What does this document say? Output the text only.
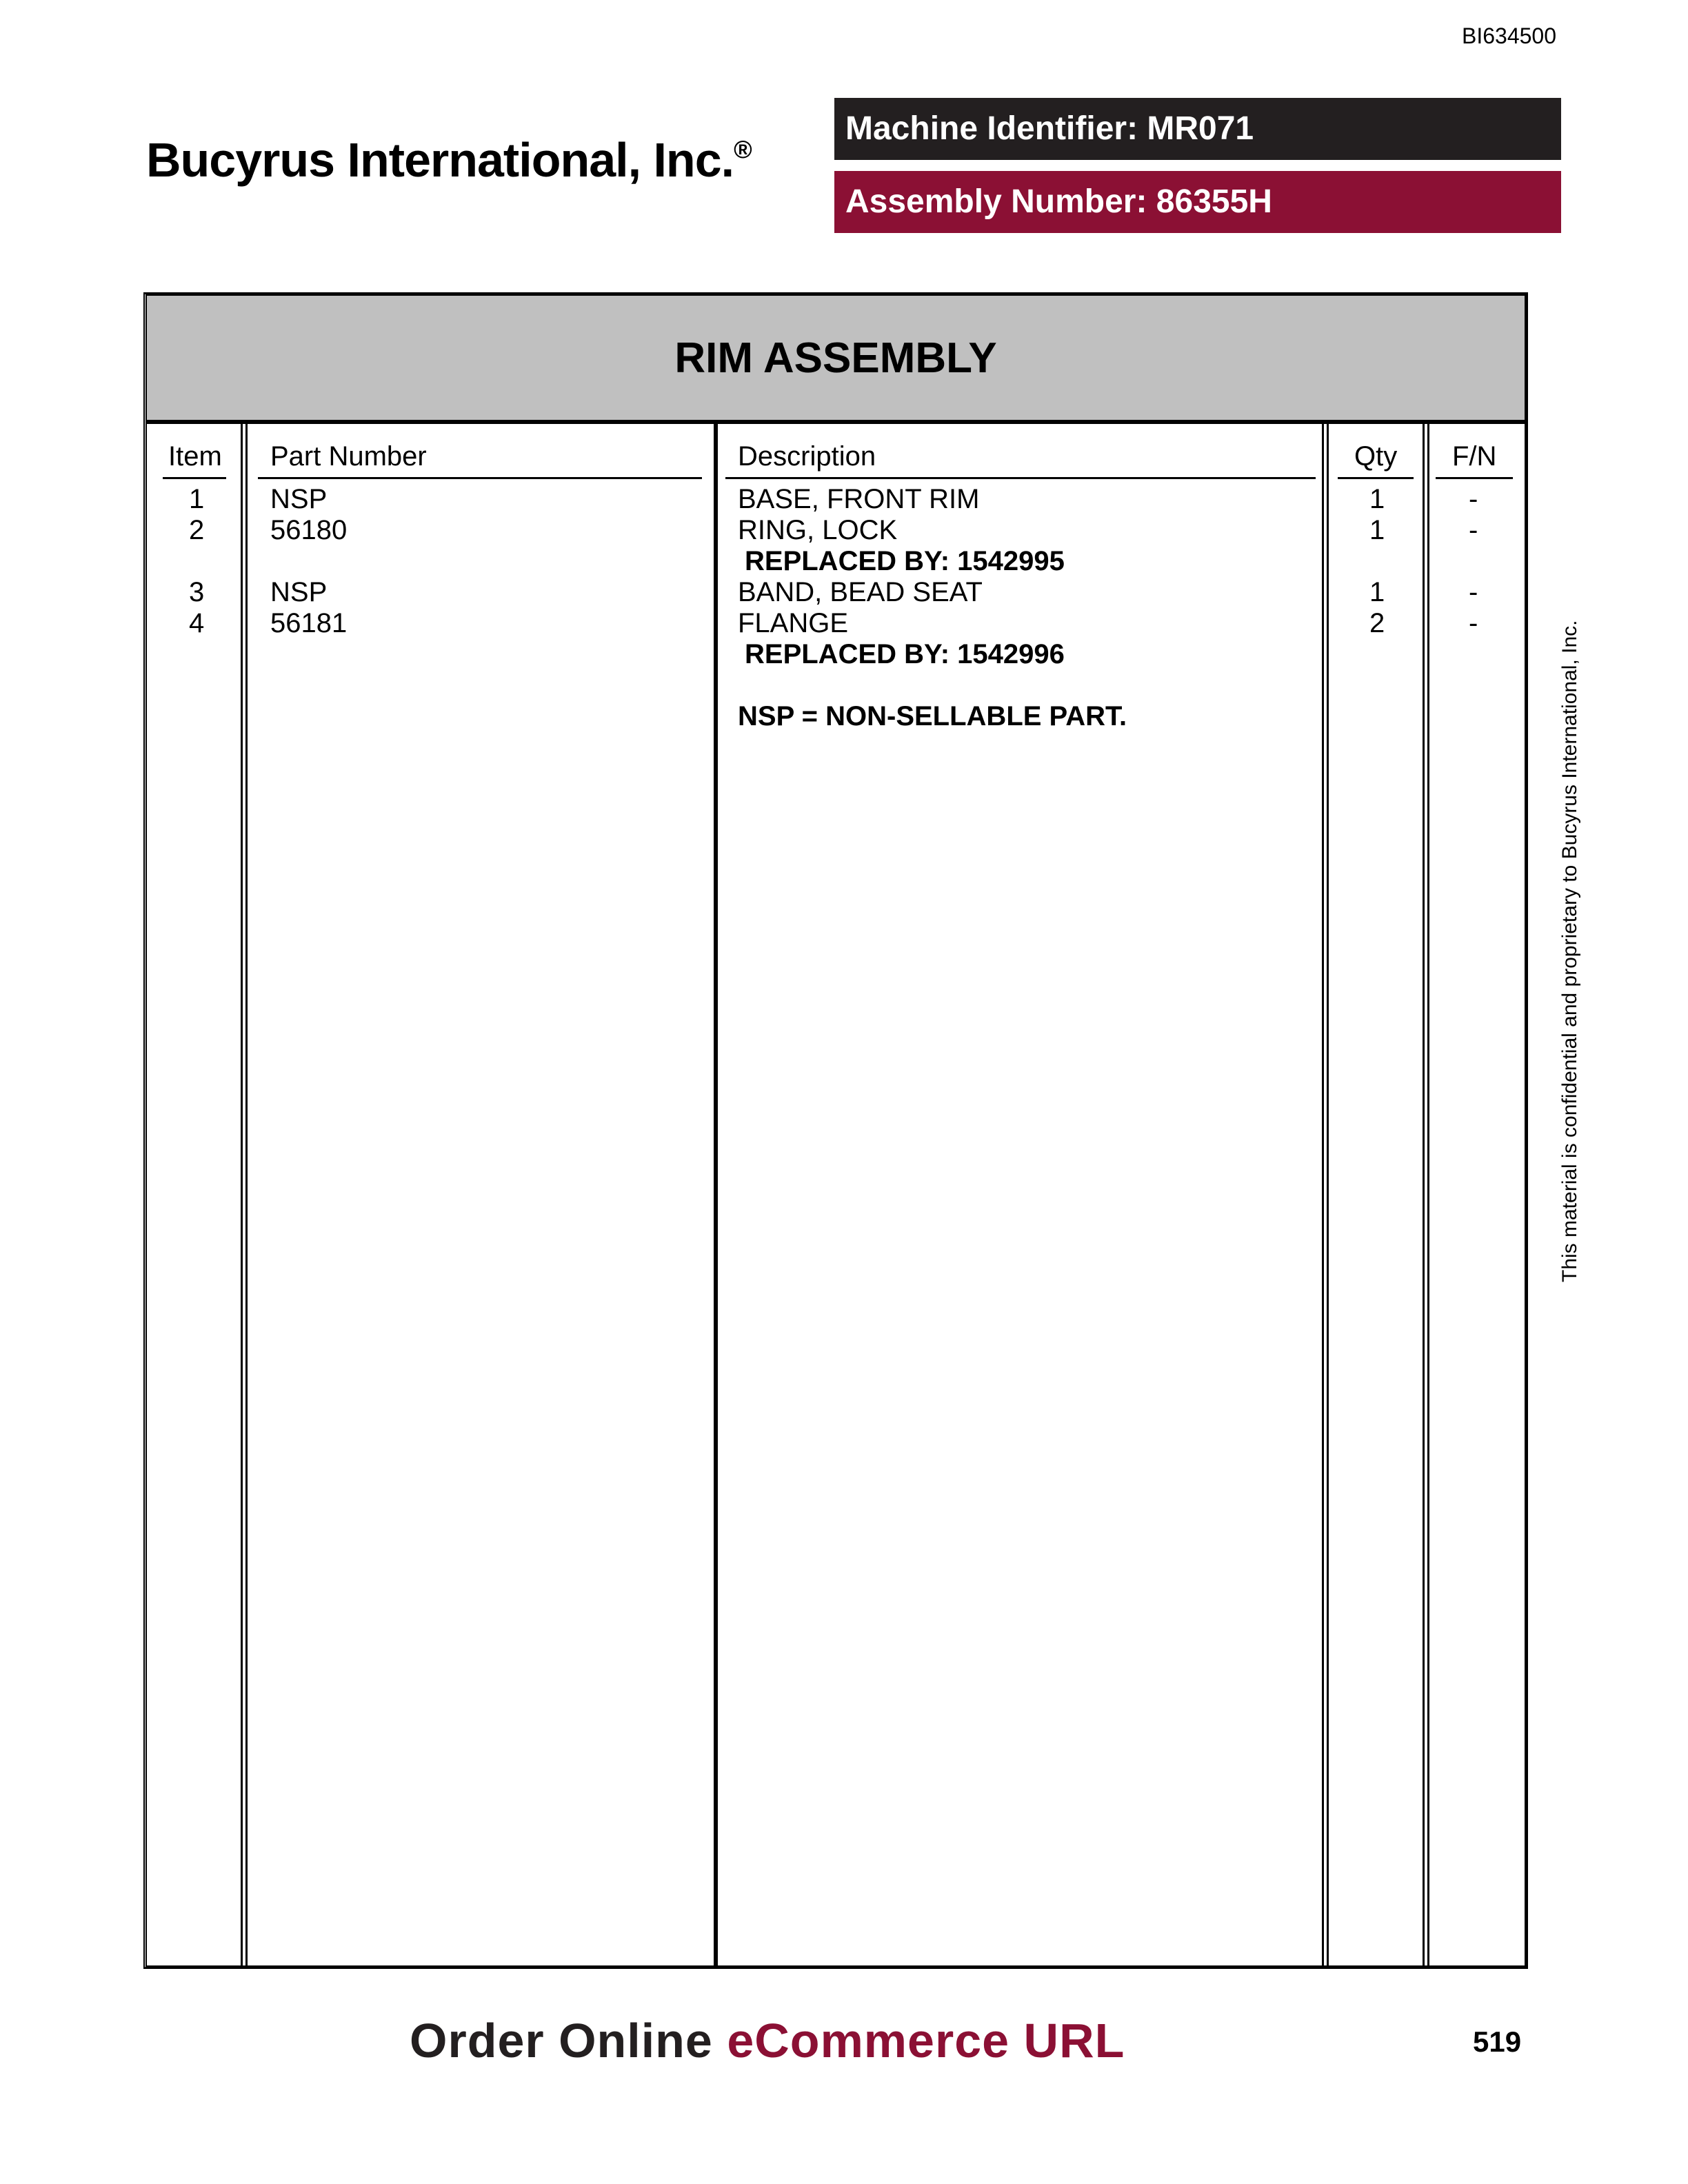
BI634500
Bucyrus International, Inc.®
Machine Identifier: MR071
Assembly Number: 86355H
RIM ASSEMBLY
Item Part Number	Description	Qty F/N
1 NSP	BASE, FRONT RIM	1	-
2 56180	RING, LOCK	1	-
REPLACED BY: 1542995
3 NSP	BAND, BEAD SEAT	1	-
4 56181	FLANGE	2	-
REPLACED BY: 1542996
NSP = NON-SELLABLE PART.	This material is confidential and proprietary to Bucyrus International, Inc.
Order Online eCommerce URL	519
